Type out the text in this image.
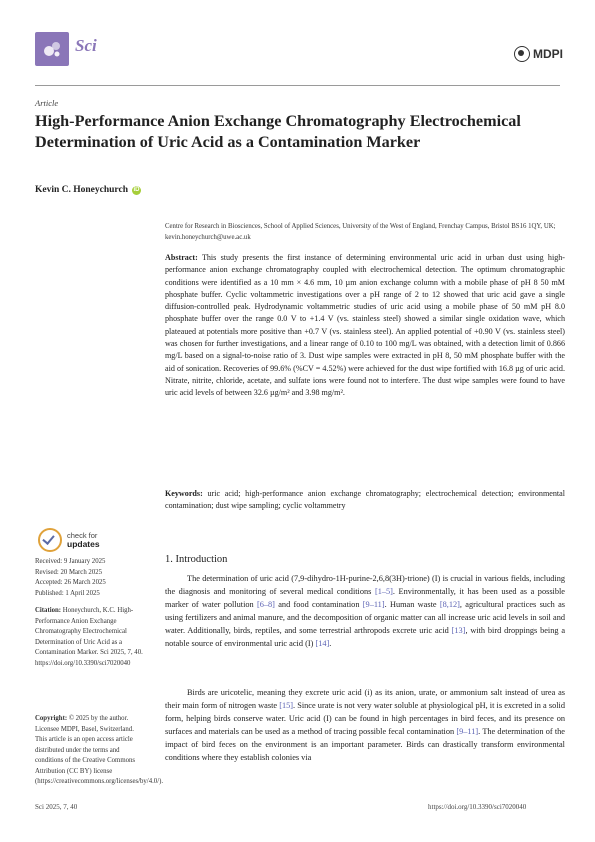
Sci	MDPI
Article
High-Performance Anion Exchange Chromatography Electrochemical Determination of Uric Acid as a Contamination Marker
Kevin C. Honeychurch iD
Centre for Research in Biosciences, School of Applied Sciences, University of the West of England, Frenchay Campus, Bristol BS16 1QY, UK; kevin.honeychurch@uwe.ac.uk
Abstract: This study presents the first instance of determining environmental uric acid in urban dust using high-performance anion exchange chromatography coupled with electrochemical detection. The optimum chromatographic conditions were identified as a 10 mm × 4.6 mm, 10 µm anion exchange column with a mobile phase of pH 8 50 mM phosphate buffer. Cyclic voltammetric investigations over a pH range of 2 to 12 showed that uric acid gave a single diffusion-controlled peak. Hydrodynamic voltammetric studies of uric acid using a mobile phase of 50 mM pH 8.0 phosphate buffer over the range 0.0 V to +1.4 V (vs. stainless steel) showed a similar single oxidation wave, which plateaued at potentials more positive than +0.7 V (vs. stainless steel). An applied potential of +0.90 V (vs. stainless steel) was chosen for further investigations, and a linear range of 0.10 to 100 mg/L was obtained, with a detection limit of 0.866 mg/L based on a signal-to-noise ratio of 3. Dust wipe samples were extracted in pH 8, 50 mM phosphate buffer with the aid of sonication. Recoveries of 99.6% (%CV = 4.52%) were achieved for the dust wipe fortified with 16.8 µg of uric acid. Nitrate, nitrite, chloride, acetate, and sulfate ions were found not to interfere. The dust wipe samples were found to have uric acid levels of between 32.6 µg/m² and 3.98 mg/m².
Keywords: uric acid; high-performance anion exchange chromatography; electrochemical detection; environmental contamination; dust wipe sampling; cyclic voltammetry
check for
updates
Received: 9 January 2025
Revised: 20 March 2025
Accepted: 26 March 2025
Published: 1 April 2025
Citation: Honeychurch, K.C. High-Performance Anion Exchange Chromatography Electrochemical Determination of Uric Acid as a Contamination Marker. Sci 2025, 7, 40. https://doi.org/10.3390/sci7020040
Copyright: © 2025 by the author. Licensee MDPI, Basel, Switzerland. This article is an open access article distributed under the terms and conditions of the Creative Commons Attribution (CC BY) license (https://creativecommons.org/licenses/by/4.0/).
1. Introduction
The determination of uric acid (7,9-dihydro-1H-purine-2,6,8(3H)-trione) (I) is crucial in various fields, including the diagnosis and monitoring of several medical conditions [1–5]. Environmentally, it has been used as a possible marker of water pollution [6–8] and food contamination [9–11]. Human waste [8,12], agricultural practices such as using fertilizers and animal manure, and the decomposition of organic matter can all increase uric acid levels in soil and water. Additionally, birds, reptiles, and some terrestrial arthropods excrete uric acid [13], with bird droppings being a notable source of environmental uric acid (I) [14].
Birds are uricotelic, meaning they excrete uric acid (i) as its anion, urate, or ammonium salt instead of urea as their main form of nitrogen waste [15]. Since urate is not very water soluble at physiological pH, it is excreted in a solid form, helping birds conserve water. Uric acid (I) can be found in high percentages in bird feces, and its presence on surfaces and materials can be used as a method of tracing possible fecal contamination [9–11]. The determination of the impact of bird feces on the environment is an important parameter. Birds can drastically transform environmental conditions where they establish colonies via
Sci 2025, 7, 40	https://doi.org/10.3390/sci7020040
